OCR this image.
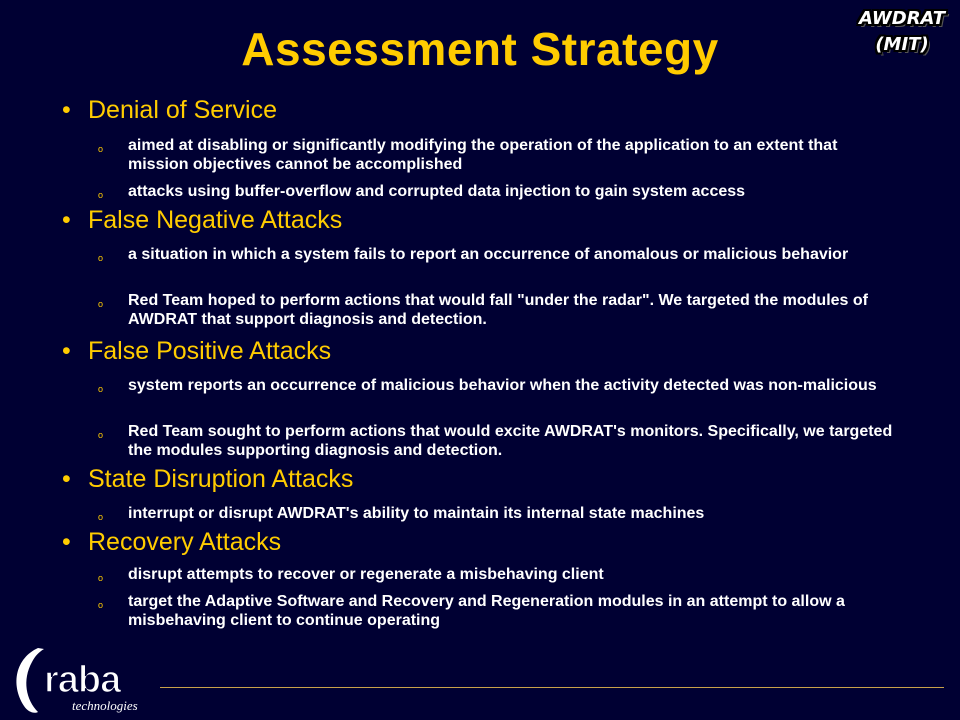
Assessment Strategy
AWDRAT
(MIT)
• Denial of Service
o aimed at disabling or significantly modifying the operation of the application to an extent that mission objectives cannot be accomplished
o attacks using buffer-overflow and corrupted data injection to gain system access
• False Negative Attacks
o a situation in which a system fails to report an occurrence of anomalous or malicious behavior
o Red Team hoped to perform actions that would fall "under the radar". We targeted the modules of AWDRAT that support diagnosis and detection.
• False Positive Attacks
o system reports an occurrence of malicious behavior when the activity detected was non-malicious
o Red Team sought to perform actions that would excite AWDRAT's monitors. Specifically, we targeted the modules supporting diagnosis and detection.
• State Disruption Attacks
o interrupt or disrupt AWDRAT's ability to maintain its internal state machines
• Recovery Attacks
o disrupt attempts to recover or regenerate a misbehaving client
o target the Adaptive Software and Recovery and Regeneration modules in an attempt to allow a misbehaving client to continue operating
raba
technologies
